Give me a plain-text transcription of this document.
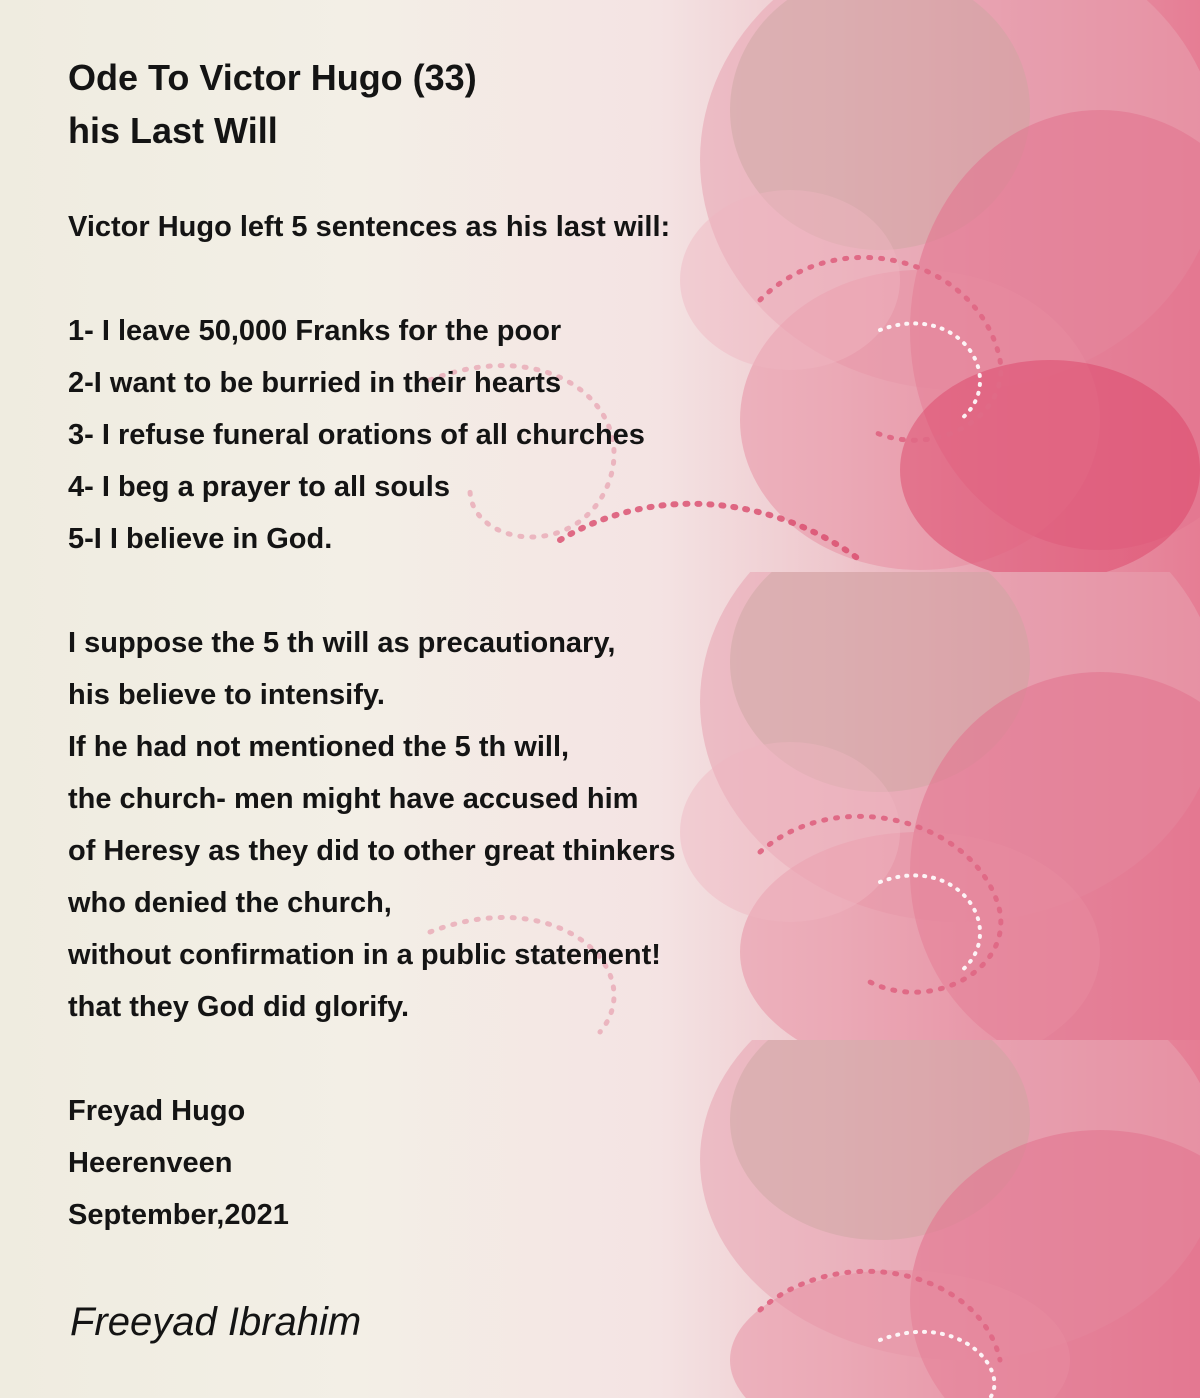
Ode To Victor Hugo (33)
his Last Will
Victor Hugo left 5 sentences as his last will:
1- I leave 50,000 Franks for the poor
2-I want to be burried in their hearts
3- I refuse funeral orations of all churches
4- I beg a prayer to all souls
5-I I believe in God.
I suppose the 5 th will as precautionary,
his believe to intensify.
If he had not mentioned the 5 th will,
the church- men might have accused him
of Heresy as they did to other great thinkers
who denied the church,
without confirmation in a public statement!
that they God did glorify.
Freyad Hugo
Heerenveen
September,2021
Freeyad Ibrahim
